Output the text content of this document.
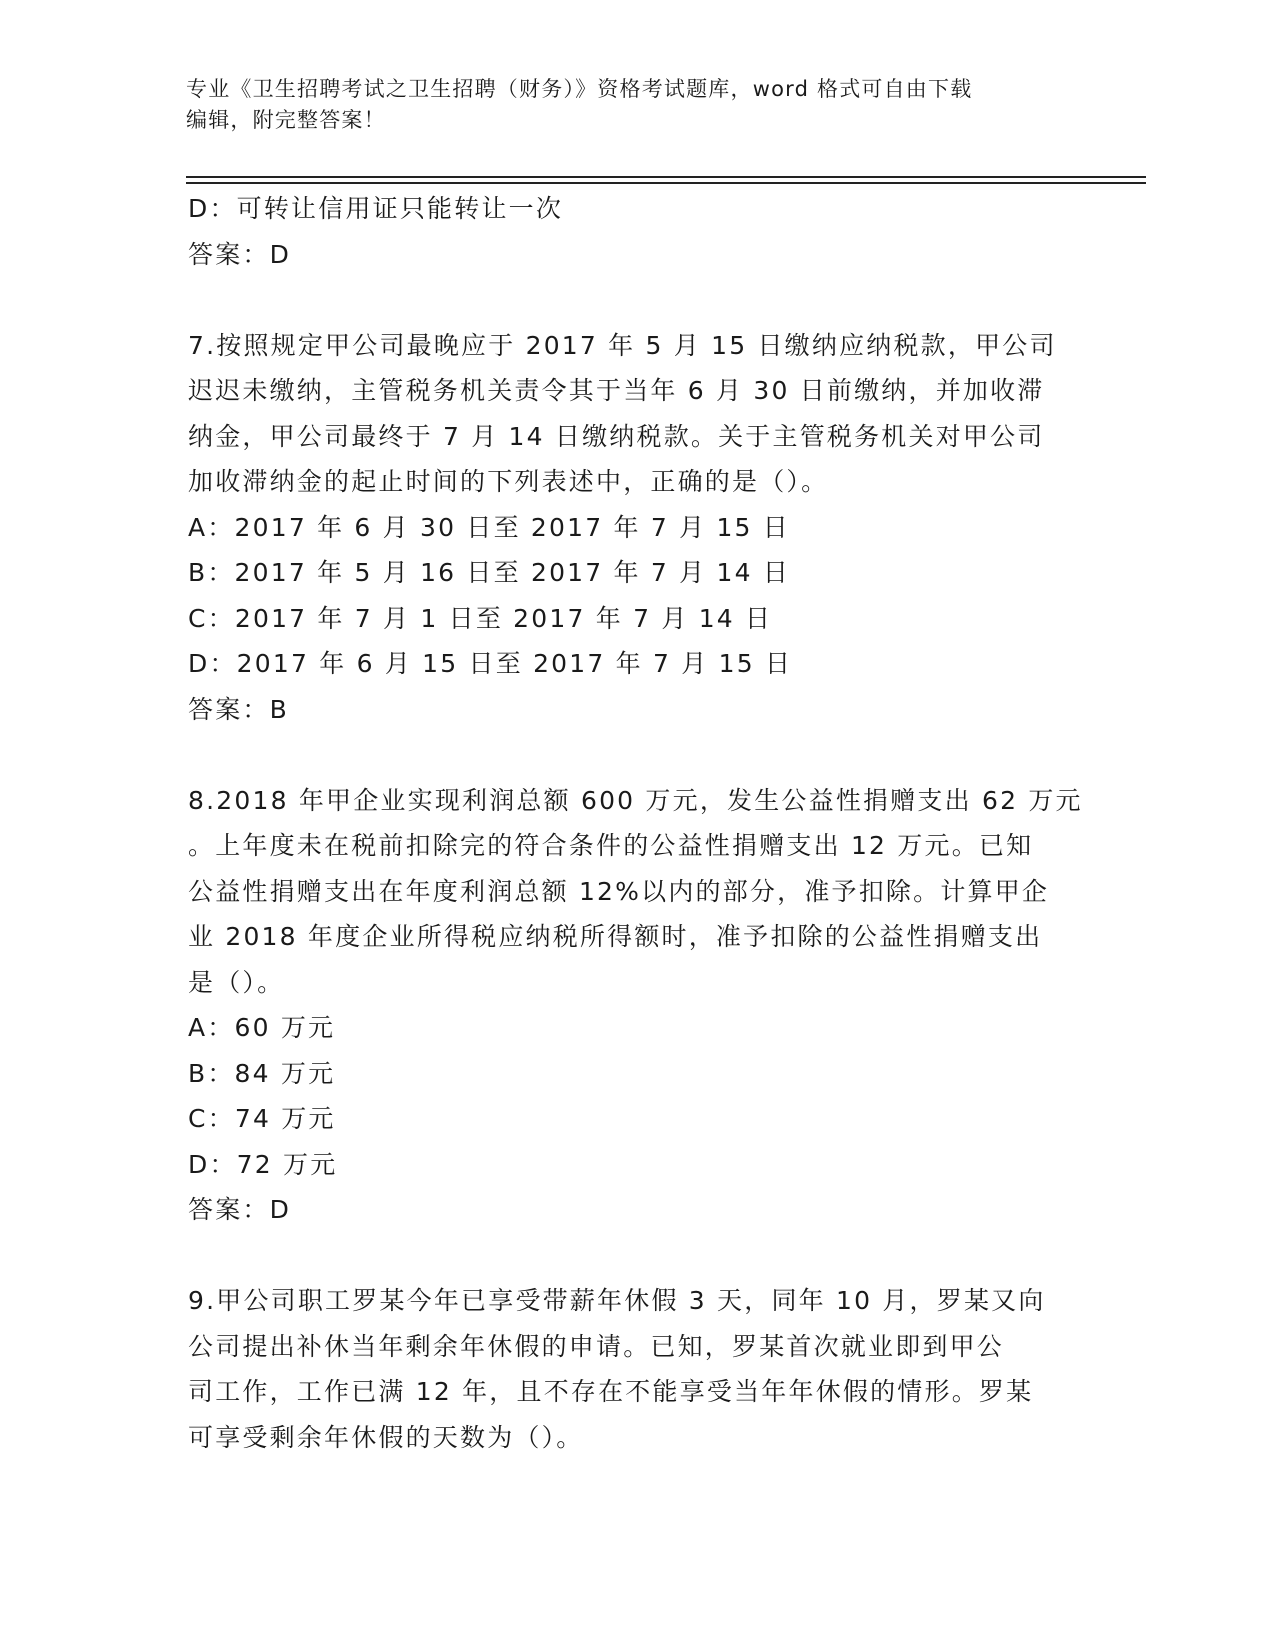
专业《卫生招聘考试之卫生招聘（财务）》资格考试题库，word 格式可自由下载
编辑，附完整答案！

D：可转让信用证只能转让一次

答案：D

7.按照规定甲公司最晚应于 2017 年 5 月 15 日缴纳应纳税款，甲公司

迟迟未缴纳，主管税务机关责令其于当年 6 月 30 日前缴纳，并加收滞

纳金，甲公司最终于 7 月 14 日缴纳税款。关于主管税务机关对甲公司

加收滞纳金的起止时间的下列表述中，正确的是（）。

A：2017 年 6 月 30 日至 2017 年 7 月 15 日

B：2017 年 5 月 16 日至 2017 年 7 月 14 日

C：2017 年 7 月 1 日至 2017 年 7 月 14 日

D：2017 年 6 月 15 日至 2017 年 7 月 15 日

答案：B

8.2018 年甲企业实现利润总额 600 万元，发生公益性捐赠支出 62 万元

。上年度未在税前扣除完的符合条件的公益性捐赠支出 12 万元。已知

公益性捐赠支出在年度利润总额 12%以内的部分，准予扣除。计算甲企

业 2018 年度企业所得税应纳税所得额时，准予扣除的公益性捐赠支出

是（）。

A：60 万元

B：84 万元

C：74 万元

D：72 万元

答案：D

9.甲公司职工罗某今年已享受带薪年休假 3 天，同年 10 月，罗某又向

公司提出补休当年剩余年休假的申请。已知，罗某首次就业即到甲公

司工作，工作已满 12 年，且不存在不能享受当年年休假的情形。罗某

可享受剩余年休假的天数为（）。
